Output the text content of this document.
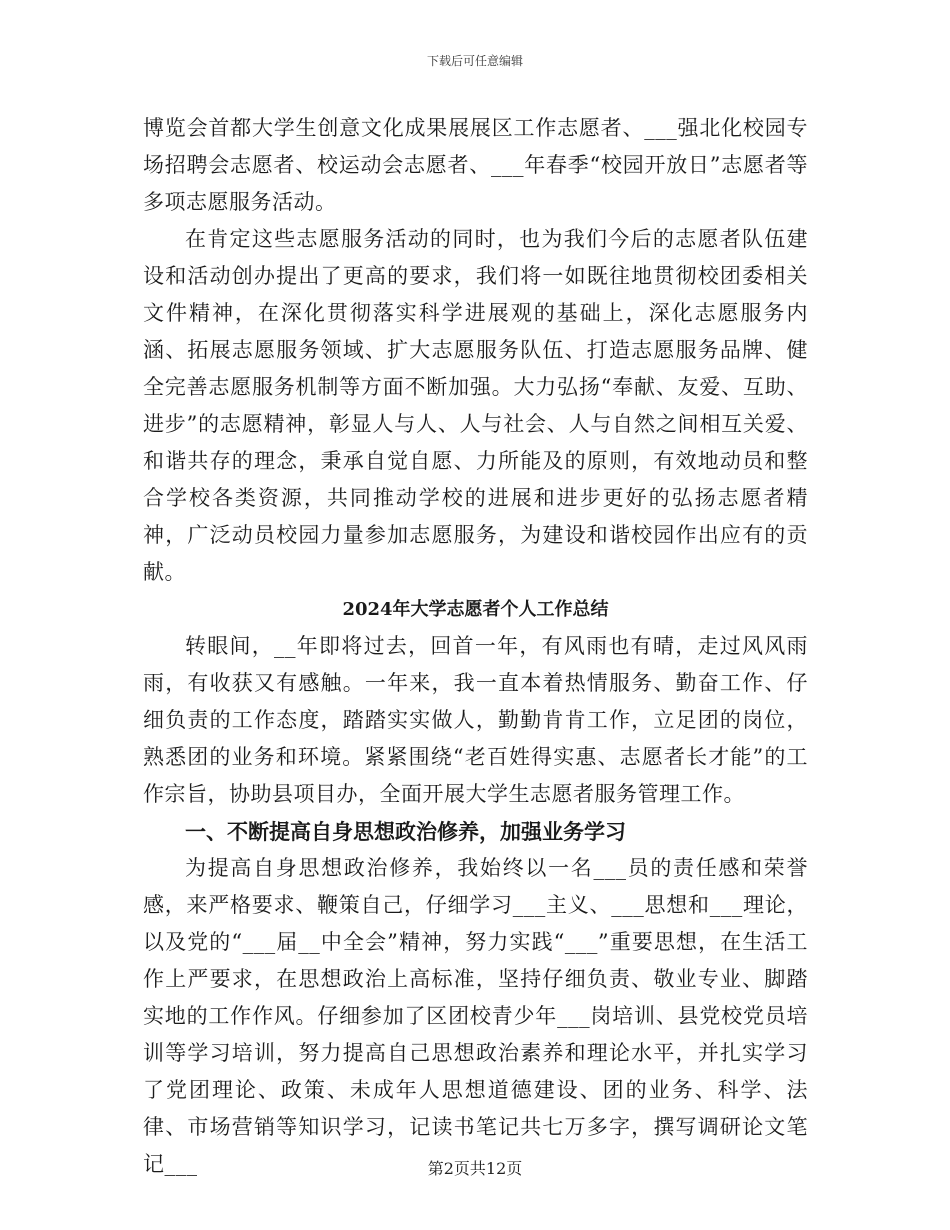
下载后可任意编辑

博览会首都大学生创意文化成果展展区工作志愿者、___强北化校园专场招聘会志愿者、校运动会志愿者、___年春季“校园开放日”志愿者等多项志愿服务活动。

在肯定这些志愿服务活动的同时，也为我们今后的志愿者队伍建设和活动创办提出了更高的要求，我们将一如既往地贯彻校团委相关文件精神，在深化贯彻落实科学进展观的基础上，深化志愿服务内涵、拓展志愿服务领域、扩大志愿服务队伍、打造志愿服务品牌、健全完善志愿服务机制等方面不断加强。大力弘扬“奉献、友爱、互助、进步”的志愿精神，彰显人与人、人与社会、人与自然之间相互关爱、和谐共存的理念，秉承自觉自愿、力所能及的原则，有效地动员和整合学校各类资源，共同推动学校的进展和进步更好的弘扬志愿者精神，广泛动员校园力量参加志愿服务，为建设和谐校园作出应有的贡献。

2024年大学志愿者个人工作总结

转眼间，__年即将过去，回首一年，有风雨也有晴，走过风风雨雨，有收获又有感触。一年来，我一直本着热情服务、勤奋工作、仔细负责的工作态度，踏踏实实做人，勤勤肯肯工作，立足团的岗位，熟悉团的业务和环境。紧紧围绕“老百姓得实惠、志愿者长才能”的工作宗旨，协助县项目办，全面开展大学生志愿者服务管理工作。

一、不断提高自身思想政治修养，加强业务学习

为提高自身思想政治修养，我始终以一名___员的责任感和荣誉感，来严格要求、鞭策自己，仔细学习___主义、___思想和___理论，以及党的“___届__中全会”精神，努力实践“___”重要思想，在生活工作上严要求，在思想政治上高标准，坚持仔细负责、敬业专业、脚踏实地的工作作风。仔细参加了区团校青少年___岗培训、县党校党员培训等学习培训，努力提高自己思想政治素养和理论水平，并扎实学习了党团理论、政策、未成年人思想道德建设、团的业务、科学、法律、市场营销等知识学习，记读书笔记共七万多字，撰写调研论文笔记___	第2页共12页
